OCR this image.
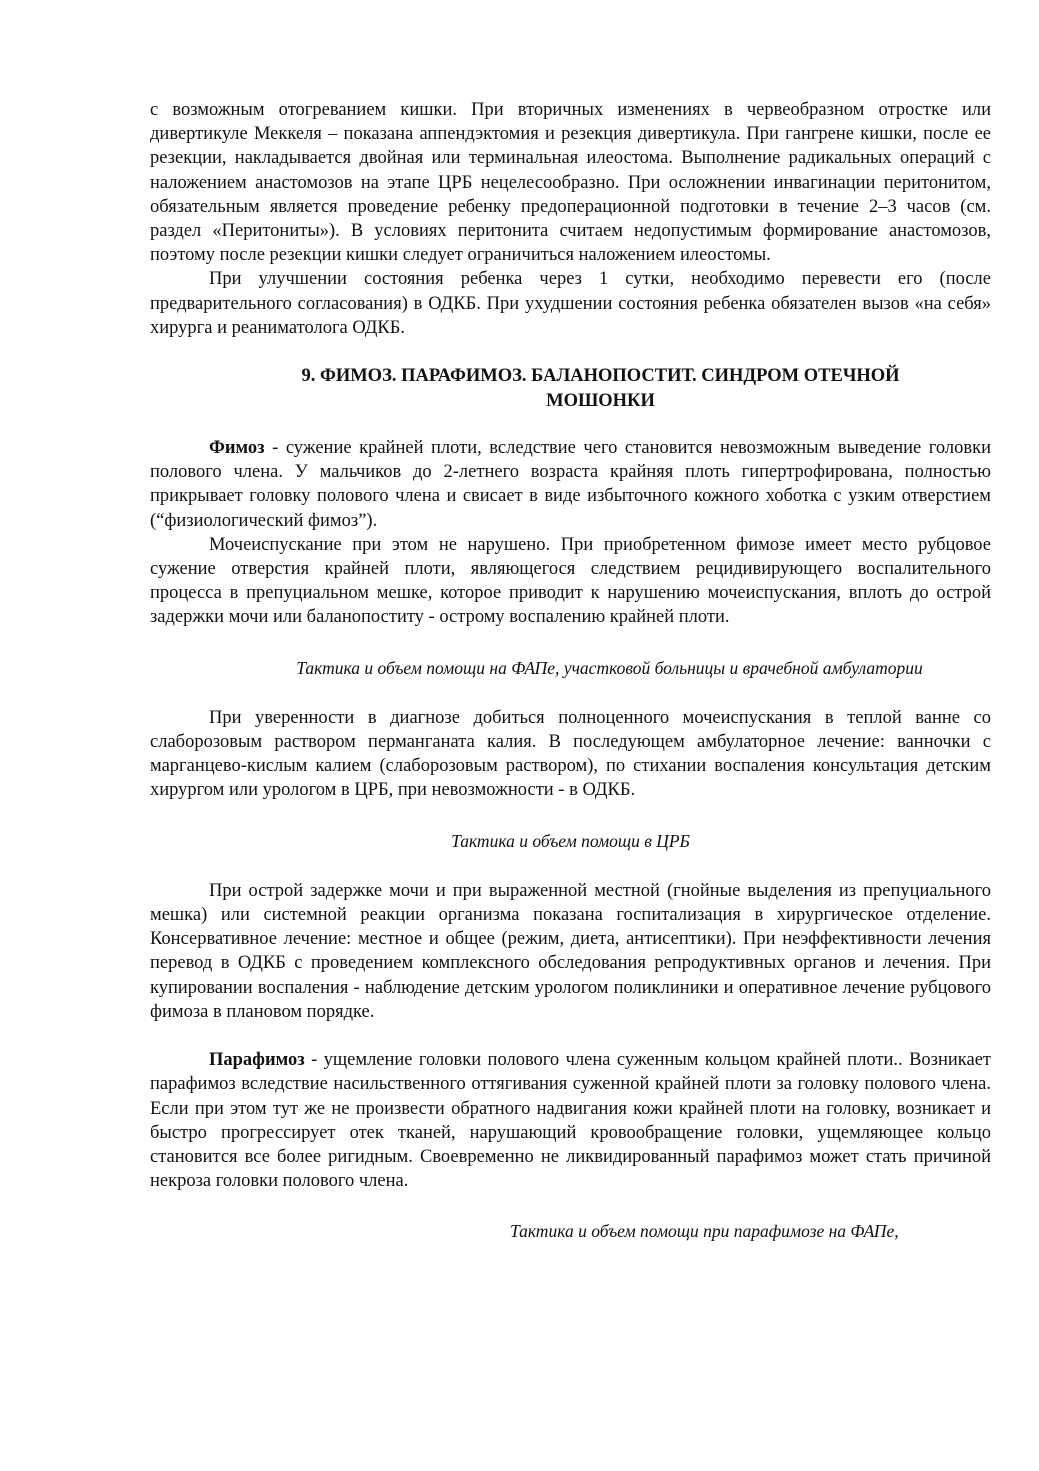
с возможным отогреванием кишки. При вторичных изменениях в червеобразном отростке или дивертикуле Меккеля – показана аппендэктомия и резекция дивертикула. При гангрене кишки, после ее резекции, накладывается двойная или терминальная илеостома. Выполнение радикальных операций с наложением анастомозов на этапе ЦРБ нецелесообразно. При осложнении инвагинации перитонитом, обязательным является проведение ребенку предоперационной подготовки в течение 2–3 часов (см. раздел «Перитониты»). В условиях перитонита считаем недопустимым формирование анастомозов, поэтому после резекции кишки следует ограничиться наложением илеостомы.

При улучшении состояния ребенка через 1 сутки, необходимо перевести его (после предварительного согласования) в ОДКБ. При ухудшении состояния ребенка обязателен вызов «на себя» хирурга и реаниматолога ОДКБ.

9. ФИМОЗ. ПАРАФИМОЗ. БАЛАНОПОСТИТ. СИНДРОМ ОТЕЧНОЙ
МОШОНКИ

Фимоз - сужение крайней плоти, вследствие чего становится невозможным выведение головки полового члена. У мальчиков до 2-летнего возраста крайняя плоть гипертрофирована, полностью прикрывает головку полового члена и свисает в виде избыточного кожного хоботка с узким отверстием (“физиологический фимоз”).

Мочеиспускание при этом не нарушено. При приобретенном фимозе имеет место рубцовое сужение отверстия крайней плоти, являющегося следствием рецидивирующего воспалительного процесса в препуциальном мешке, которое приводит к нарушению мочеиспускания, вплоть до острой задержки мочи или баланопоститу - острому воспалению крайней плоти.

Тактика и объем помощи на ФАПе, участковой больницы и врачебной амбулатории

При уверенности в диагнозе добиться полноценного мочеиспускания в теплой ванне со слаборозовым раствором перманганата калия. В последующем амбулаторное лечение: ванночки с марганцево-кислым калием (слаборозовым раствором), по стихании воспаления консультация детским хирургом или урологом в ЦРБ, при невозможности - в ОДКБ.

Тактика и объем помощи в ЦРБ

При острой задержке мочи и при выраженной местной (гнойные выделения из препуциального мешка) или системной реакции организма показана госпитализация в хирургическое отделение. Консервативное лечение: местное и общее (режим, диета, антисептики). При неэффективности лечения перевод в ОДКБ с проведением комплексного обследования репродуктивных органов и лечения. При купировании воспаления - наблюдение детским урологом поликлиники и оперативное лечение рубцового фимоза в плановом порядке.

Парафимоз - ущемление головки полового члена суженным кольцом крайней плоти.. Возникает парафимоз вследствие насильственного оттягивания суженной крайней плоти за головку полового члена. Если при этом тут же не произвести обратного надвигания кожи крайней плоти на головку, возникает и быстро прогрессирует отек тканей, нарушающий кровообращение головки, ущемляющее кольцо становится все более ригидным. Своевременно не ликвидированный парафимоз может стать причиной некроза головки полового члена.

Тактика и объем помощи при парафимозе на ФАПе,
